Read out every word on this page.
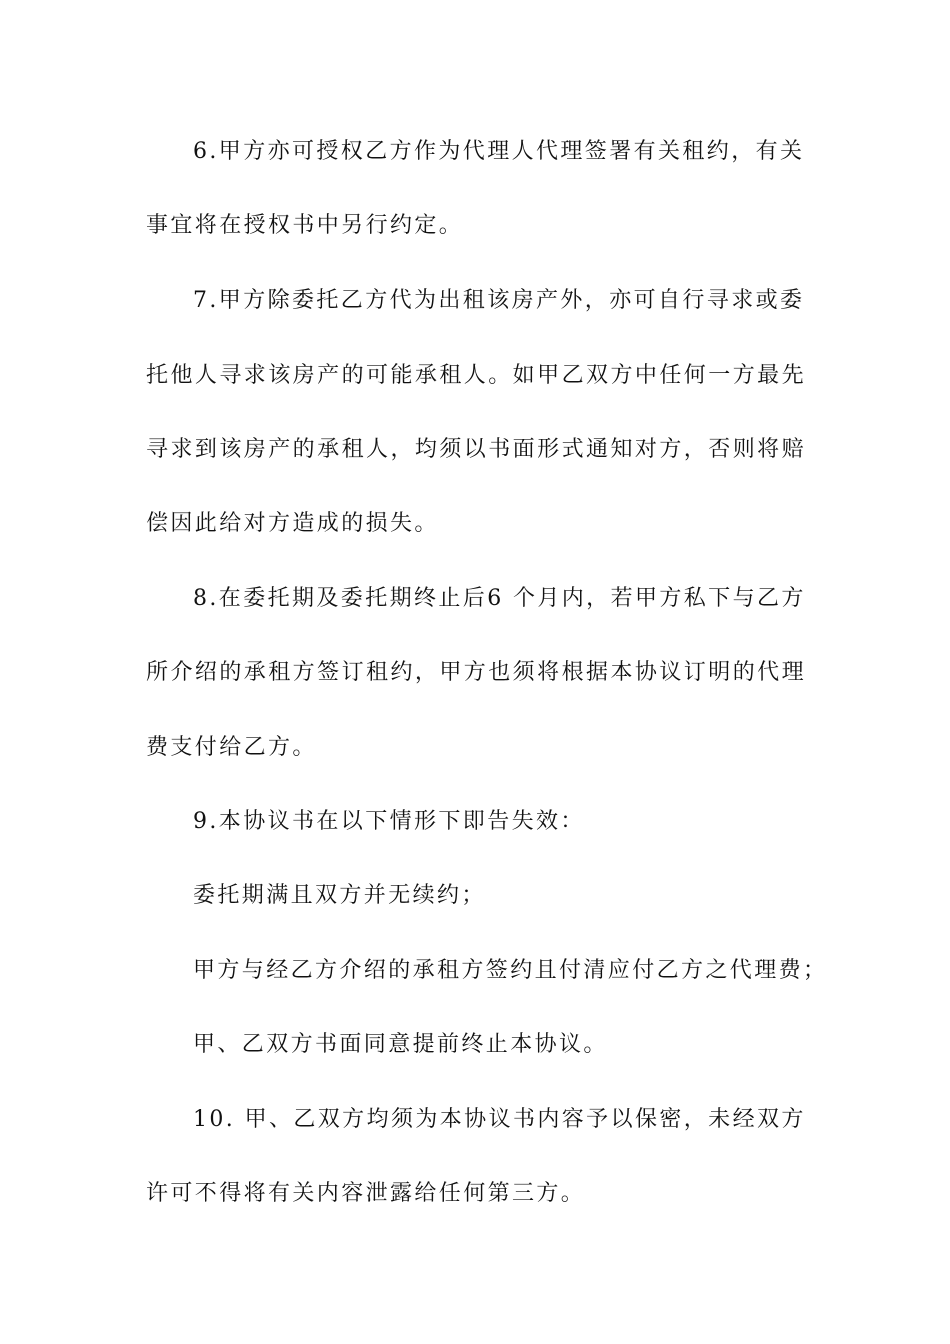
6.甲方亦可授权乙方作为代理人代理签署有关租约，有关
事宜将在授权书中另行约定。
7.甲方除委托乙方代为出租该房产外，亦可自行寻求或委
托他人寻求该房产的可能承租人。如甲乙双方中任何一方最先
寻求到该房产的承租人，均须以书面形式通知对方，否则将赔
偿因此给对方造成的损失。
8.在委托期及委托期终止后6 个月内，若甲方私下与乙方
所介绍的承租方签订租约，甲方也须将根据本协议订明的代理
费支付给乙方。
9.本协议书在以下情形下即告失效：
委托期满且双方并无续约；
甲方与经乙方介绍的承租方签约且付清应付乙方之代理费；
甲、乙双方书面同意提前终止本协议。
10. 甲、乙双方均须为本协议书内容予以保密，未经双方
许可不得将有关内容泄露给任何第三方。
